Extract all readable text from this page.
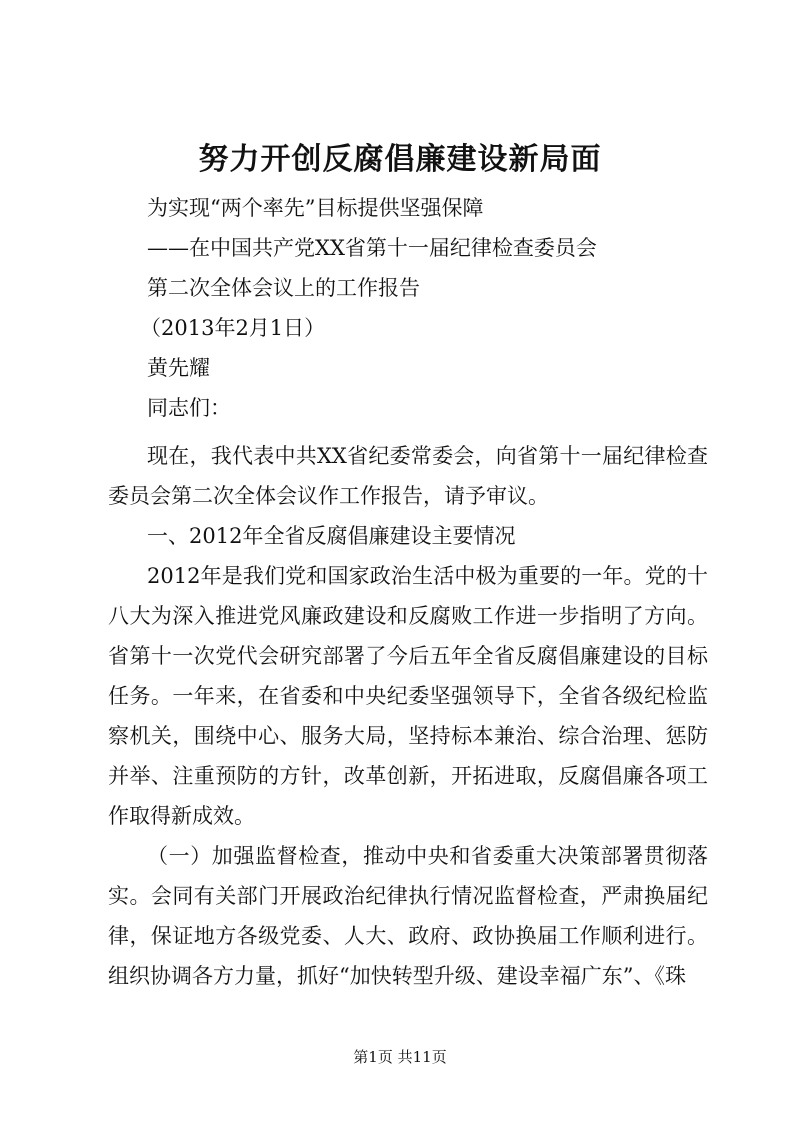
努力开创反腐倡廉建设新局面
为实现“两个率先”目标提供坚强保障
——在中国共产党XX省第十一届纪律检查委员会
第二次全体会议上的工作报告
（2013年2月1日）
黄先耀
同志们：

现在，我代表中共XX省纪委常委会，向省第十一届纪律检查委员会第二次全体会议作工作报告，请予审议。

一、2012年全省反腐倡廉建设主要情况

2012年是我们党和国家政治生活中极为重要的一年。党的十八大为深入推进党风廉政建设和反腐败工作进一步指明了方向。省第十一次党代会研究部署了今后五年全省反腐倡廉建设的目标任务。一年来，在省委和中央纪委坚强领导下，全省各级纪检监察机关，围绕中心、服务大局，坚持标本兼治、综合治理、惩防并举、注重预防的方针，改革创新，开拓进取，反腐倡廉各项工作取得新成效。

（一）加强监督检查，推动中央和省委重大决策部署贯彻落实。会同有关部门开展政治纪律执行情况监督检查，严肃换届纪律，保证地方各级党委、人大、政府、政协换届工作顺利进行。组织协调各方力量，抓好“加快转型升级、建设幸福广东”、《珠

第1页 共11页
